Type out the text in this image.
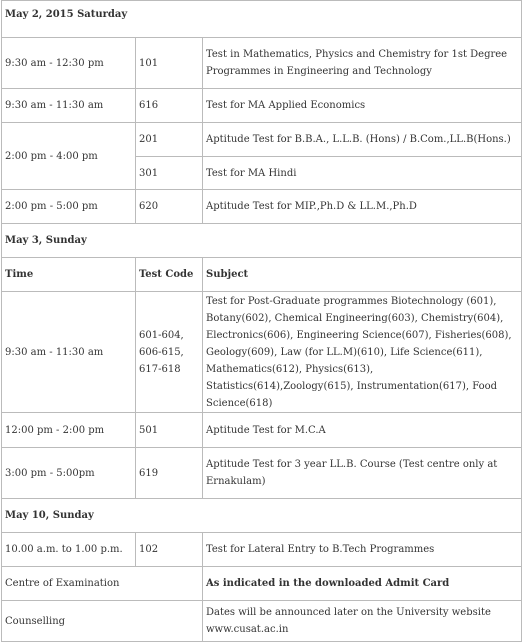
May 2, 2015 Saturday		
9:30 am - 12:30 pm	101	Test in Mathematics, Physics and Chemistry for 1st Degree Programmes in Engineering and Technology
9:30 am - 11:30 am	616	Test for MA Applied Economics
2:00 pm - 4:00 pm	201	Aptitude Test for B.B.A., L.L.B. (Hons) / B.Com.,LL.B(Hons.)
	301	Test for MA Hindi
2:00 pm - 5:00 pm	620	Aptitude Test for MIP.,Ph.D & LL.M.,Ph.D
May 3, Sunday		
Time	Test Code	Subject
9:30 am - 11:30 am	601-604, 606-615, 617-618	Test for Post-Graduate programmes Biotechnology (601), Botany(602), Chemical Engineering(603), Chemistry(604), Electronics(606), Engineering Science(607), Fisheries(608), Geology(609), Law (for LL.M)(610), Life Science(611), Mathematics(612), Physics(613), Statistics(614),Zoology(615), Instrumentation(617), Food Science(618)
12:00 pm - 2:00 pm	501	Aptitude Test for M.C.A
3:00 pm - 5:00pm	619	Aptitude Test for 3 year LL.B. Course (Test centre only at Ernakulam)
May 10, Sunday		
10.00 a.m. to 1.00 p.m.	102	Test for Lateral Entry to B.Tech Programmes
Centre of Examination		As indicated in the downloaded Admit Card
Counselling		Dates will be announced later on the University website www.cusat.ac.in
